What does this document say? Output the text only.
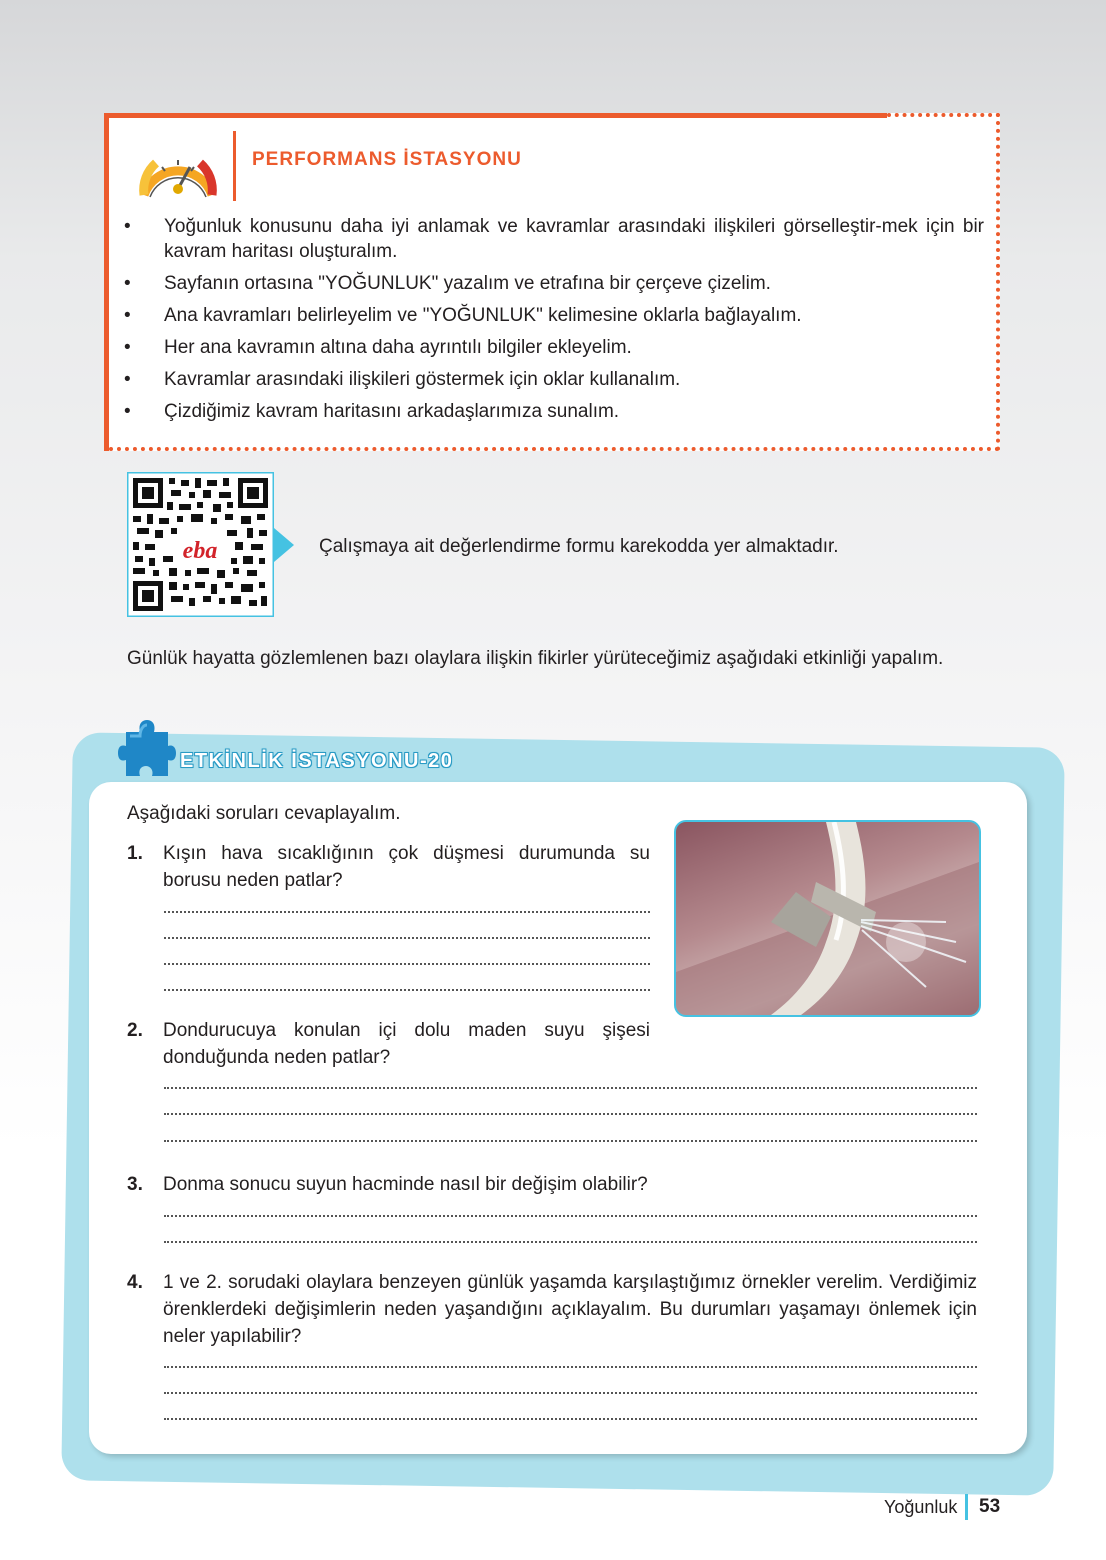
PERFORMANS İSTASYONU
• Yoğunluk konusunu daha iyi anlamak ve kavramlar arasındaki ilişkileri görselleştir-mek için bir kavram haritası oluşturalım.
• Sayfanın ortasına "YOĞUNLUK" yazalım ve etrafına bir çerçeve çizelim.
• Ana kavramları belirleyelim ve "YOĞUNLUK" kelimesine oklarla bağlayalım.
• Her ana kavramın altına daha ayrıntılı bilgiler ekleyelim.
• Kavramlar arasındaki ilişkileri göstermek için oklar kullanalım.
• Çizdiğimiz kavram haritasını arkadaşlarımıza sunalım.
eba	Çalışmaya ait değerlendirme formu karekodda yer almaktadır.
Günlük hayatta gözlemlenen bazı olaylara ilişkin fikirler yürüteceğimiz aşağıdaki etkinliği yapalım.
ETKİNLİK İSTASYONU-20
Aşağıdaki soruları cevaplayalım.
1. Kışın hava sıcaklığının çok düşmesi durumunda su borusu neden patlar?
2. Dondurucuya konulan içi dolu maden suyu şişesi donduğunda neden patlar?
3. Donma sonucu suyun hacminde nasıl bir değişim olabilir?
4. 1 ve 2. sorudaki olaylara benzeyen günlük yaşamda karşılaştığımız örnekler verelim. Verdiğimiz örenklerdeki değişimlerin neden yaşandığını açıklayalım. Bu durumları yaşamayı önlemek için neler yapılabilir?
Yoğunluk 53
